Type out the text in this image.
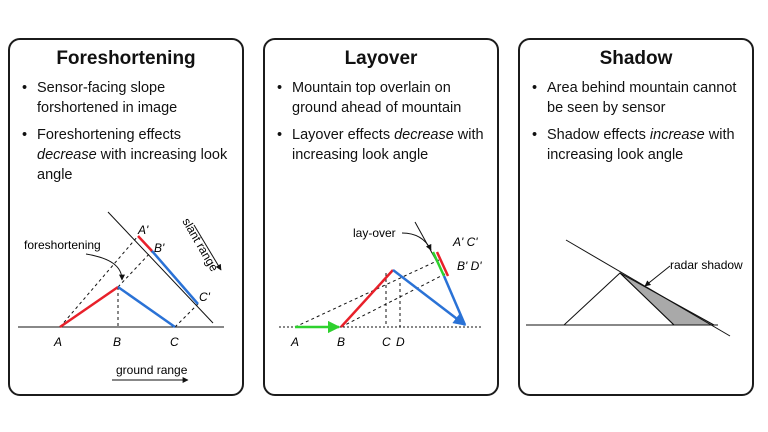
Foreshortening
• Sensor-facing slope forshortened in image
• Foreshortening effects decrease with increasing look angle
slant range
foreshortening
A	B	C
A'
B'
C'
ground range
Layover
• Mountain top overlain on ground ahead of mountain
• Layover effects decrease with increasing look angle
lay-over
A' C'
B' D'
A	B	C D
Shadow
• Area behind mountain cannot be seen by sensor
• Shadow effects increase with increasing look angle
radar shadow
